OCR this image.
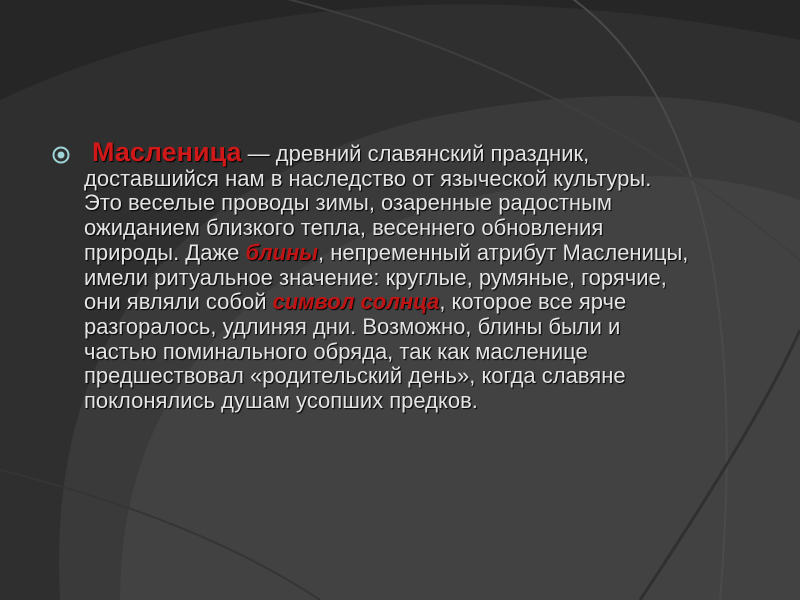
Масленица — древний славянский праздник, доставшийся нам в наследство от языческой культуры. Это веселые проводы зимы, озаренные радостным ожиданием близкого тепла, весеннего обновления природы. Даже блины, непременный атрибут Масленицы, имели ритуальное значение: круглые, румяные, горячие, они являли собой символ солнца, которое все ярче разгоралось, удлиняя дни. Возможно, блины были и частью поминального обряда, так как масленице предшествовал «родительский день», когда славяне поклонялись душам усопших предков.
